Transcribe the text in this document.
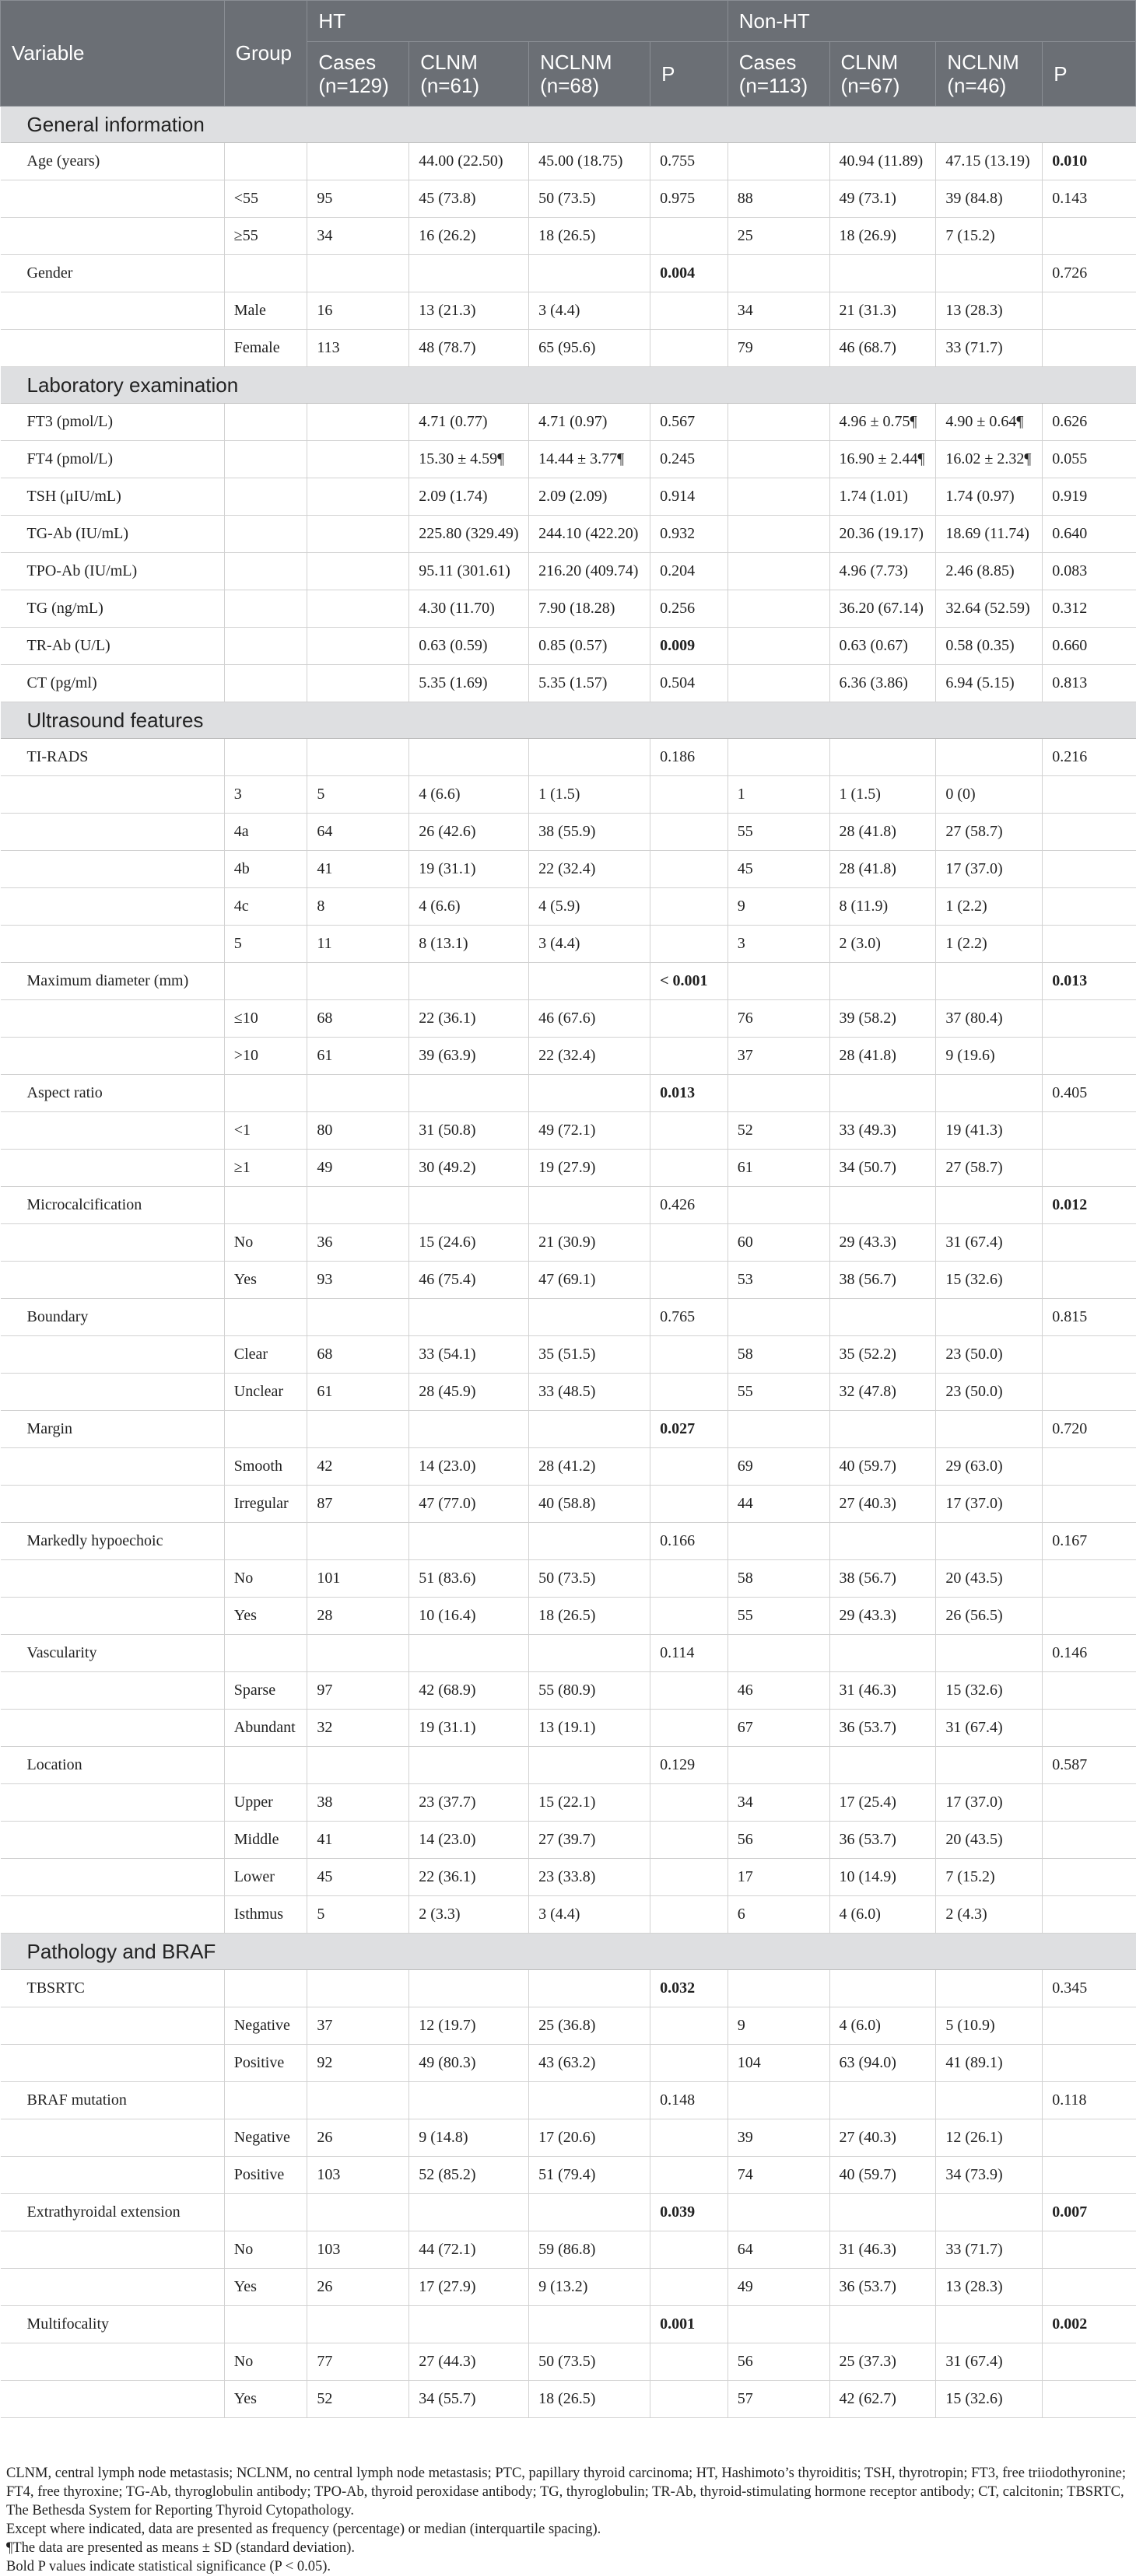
Variable	Group	HT				Non-HT			
		Cases (n=129)	CLNM (n=61)	NCLNM (n=68)	P	Cases (n=113)	CLNM (n=67)	NCLNM (n=46)	P
General information									
Age (years)			44.00 (22.50)	45.00 (18.75)	0.755		40.94 (11.89)	47.15 (13.19)	0.010
	<55	95	45 (73.8)	50 (73.5)	0.975	88	49 (73.1)	39 (84.8)	0.143
	≥55	34	16 (26.2)	18 (26.5)		25	18 (26.9)	7 (15.2)	
Gender					0.004				0.726
	Male	16	13 (21.3)	3 (4.4)		34	21 (31.3)	13 (28.3)	
	Female	113	48 (78.7)	65 (95.6)		79	46 (68.7)	33 (71.7)	
Laboratory examination									
FT3 (pmol/L)			4.71 (0.77)	4.71 (0.97)	0.567		4.96 ± 0.75¶	4.90 ± 0.64¶	0.626
FT4 (pmol/L)			15.30 ± 4.59¶	14.44 ± 3.77¶	0.245		16.90 ± 2.44¶	16.02 ± 2.32¶	0.055
TSH (μIU/mL)			2.09 (1.74)	2.09 (2.09)	0.914		1.74 (1.01)	1.74 (0.97)	0.919
TG-Ab (IU/mL)			225.80 (329.49)	244.10 (422.20)	0.932		20.36 (19.17)	18.69 (11.74)	0.640
TPO-Ab (IU/mL)			95.11 (301.61)	216.20 (409.74)	0.204		4.96 (7.73)	2.46 (8.85)	0.083
TG (ng/mL)			4.30 (11.70)	7.90 (18.28)	0.256		36.20 (67.14)	32.64 (52.59)	0.312
TR-Ab (U/L)			0.63 (0.59)	0.85 (0.57)	0.009		0.63 (0.67)	0.58 (0.35)	0.660
CT (pg/ml)			5.35 (1.69)	5.35 (1.57)	0.504		6.36 (3.86)	6.94 (5.15)	0.813
Ultrasound features									
TI-RADS					0.186				0.216
	3	5	4 (6.6)	1 (1.5)		1	1 (1.5)	0 (0)	
	4a	64	26 (42.6)	38 (55.9)		55	28 (41.8)	27 (58.7)	
	4b	41	19 (31.1)	22 (32.4)		45	28 (41.8)	17 (37.0)	
	4c	8	4 (6.6)	4 (5.9)		9	8 (11.9)	1 (2.2)	
	5	11	8 (13.1)	3 (4.4)		3	2 (3.0)	1 (2.2)	
Maximum diameter (mm)					< 0.001				0.013
	≤10	68	22 (36.1)	46 (67.6)		76	39 (58.2)	37 (80.4)	
	>10	61	39 (63.9)	22 (32.4)		37	28 (41.8)	9 (19.6)	
Aspect ratio					0.013				0.405
	<1	80	31 (50.8)	49 (72.1)		52	33 (49.3)	19 (41.3)	
	≥1	49	30 (49.2)	19 (27.9)		61	34 (50.7)	27 (58.7)	
Microcalcification					0.426				0.012
	No	36	15 (24.6)	21 (30.9)		60	29 (43.3)	31 (67.4)	
	Yes	93	46 (75.4)	47 (69.1)		53	38 (56.7)	15 (32.6)	
Boundary					0.765				0.815
	Clear	68	33 (54.1)	35 (51.5)		58	35 (52.2)	23 (50.0)	
	Unclear	61	28 (45.9)	33 (48.5)		55	32 (47.8)	23 (50.0)	
Margin					0.027				0.720
	Smooth	42	14 (23.0)	28 (41.2)		69	40 (59.7)	29 (63.0)	
	Irregular	87	47 (77.0)	40 (58.8)		44	27 (40.3)	17 (37.0)	
Markedly hypoechoic					0.166				0.167
	No	101	51 (83.6)	50 (73.5)		58	38 (56.7)	20 (43.5)	
	Yes	28	10 (16.4)	18 (26.5)		55	29 (43.3)	26 (56.5)	
Vascularity					0.114				0.146
	Sparse	97	42 (68.9)	55 (80.9)		46	31 (46.3)	15 (32.6)	
	Abundant	32	19 (31.1)	13 (19.1)		67	36 (53.7)	31 (67.4)	
Location					0.129				0.587
	Upper	38	23 (37.7)	15 (22.1)		34	17 (25.4)	17 (37.0)	
	Middle	41	14 (23.0)	27 (39.7)		56	36 (53.7)	20 (43.5)	
	Lower	45	22 (36.1)	23 (33.8)		17	10 (14.9)	7 (15.2)	
	Isthmus	5	2 (3.3)	3 (4.4)		6	4 (6.0)	2 (4.3)	
Pathology and BRAF									
TBSRTC					0.032				0.345
	Negative	37	12 (19.7)	25 (36.8)		9	4 (6.0)	5 (10.9)	
	Positive	92	49 (80.3)	43 (63.2)		104	63 (94.0)	41 (89.1)	
BRAF mutation					0.148				0.118
	Negative	26	9 (14.8)	17 (20.6)		39	27 (40.3)	12 (26.1)	
	Positive	103	52 (85.2)	51 (79.4)		74	40 (59.7)	34 (73.9)	
Extrathyroidal extension					0.039				0.007
	No	103	44 (72.1)	59 (86.8)		64	31 (46.3)	33 (71.7)	
	Yes	26	17 (27.9)	9 (13.2)		49	36 (53.7)	13 (28.3)	
Multifocality					0.001				0.002
	No	77	27 (44.3)	50 (73.5)		56	25 (37.3)	31 (67.4)	
	Yes	52	34 (55.7)	18 (26.5)		57	42 (62.7)	15 (32.6)	

CLNM, central lymph node metastasis; NCLNM, no central lymph node metastasis; PTC, papillary thyroid carcinoma; HT, Hashimoto’s thyroiditis; TSH, thyrotropin; FT3, free triiodothyronine; FT4, free thyroxine; TG-Ab, thyroglobulin antibody; TPO-Ab, thyroid peroxidase antibody; TG, thyroglobulin; TR-Ab, thyroid-stimulating hormone receptor antibody; CT, calcitonin; TBSRTC, The Bethesda System for Reporting Thyroid Cytopathology.

Except where indicated, data are presented as frequency (percentage) or median (interquartile spacing).

¶The data are presented as means ± SD (standard deviation).

Bold P values indicate statistical significance (P < 0.05).
